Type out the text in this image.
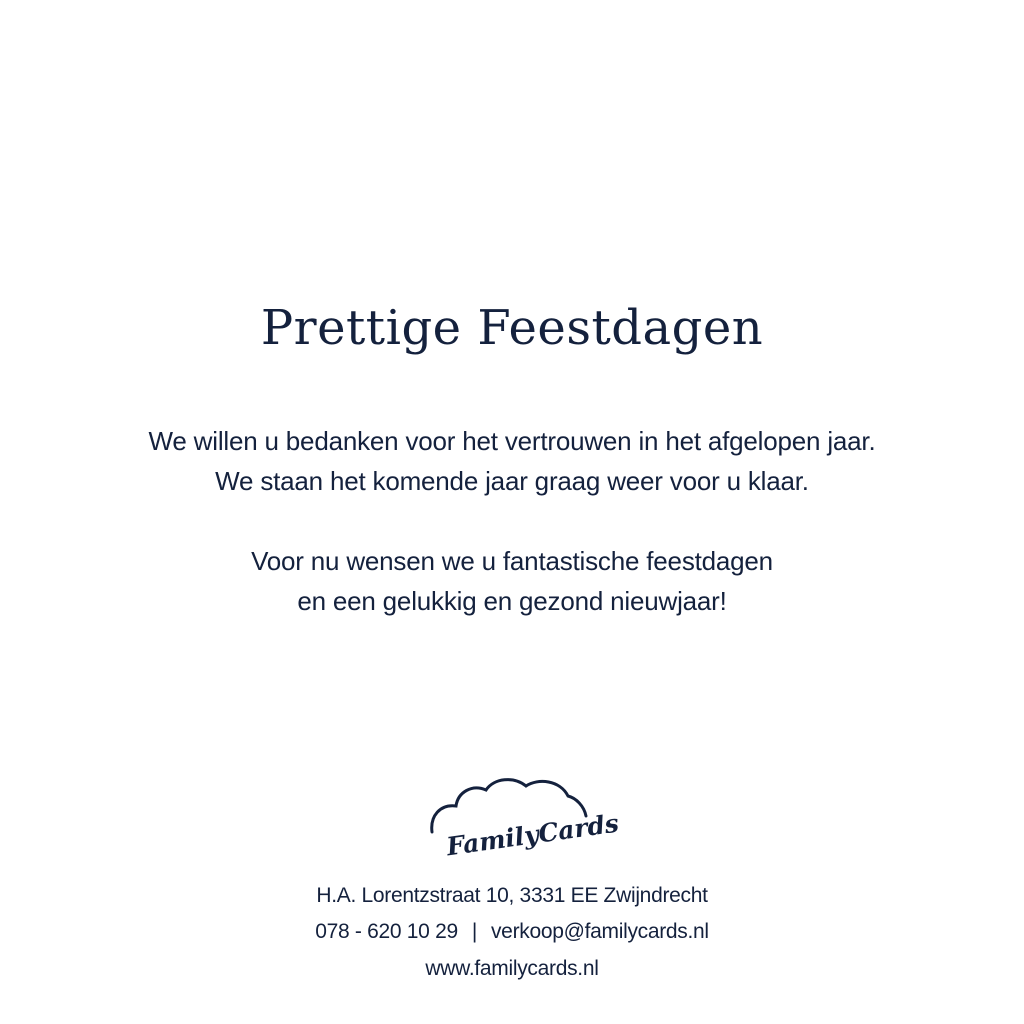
Prettige Feestdagen
We willen u bedanken voor het vertrouwen in het afgelopen jaar.
We staan het komende jaar graag weer voor u klaar.
Voor nu wensen we u fantastische feestdagen
en een gelukkig en gezond nieuwjaar!
FamilyCards
H.A. Lorentzstraat 10, 3331 EE Zwijndrecht
078 - 620 10 29 | verkoop@familycards.nl
www.familycards.nl
